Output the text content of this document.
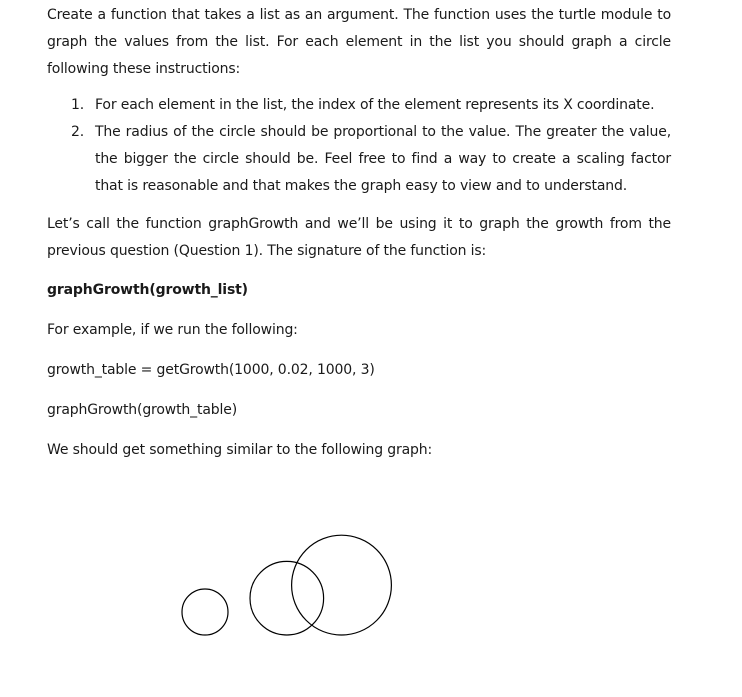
Create a function that takes a list as an argument. The function uses the turtle module to graph the values from the list. For each element in the list you should graph a circle following these instructions:

1. For each element in the list, the index of the element represents its X coordinate.
2. The radius of the circle should be proportional to the value. The greater the value, the bigger the circle should be. Feel free to find a way to create a scaling factor that is reasonable and that makes the graph easy to view and to understand.

Let’s call the function graphGrowth and we’ll be using it to graph the growth from the previous question (Question 1). The signature of the function is:

graphGrowth(growth_list)

For example, if we run the following:

growth_table = getGrowth(1000, 0.02, 1000, 3)

graphGrowth(growth_table)

We should get something similar to the following graph:
